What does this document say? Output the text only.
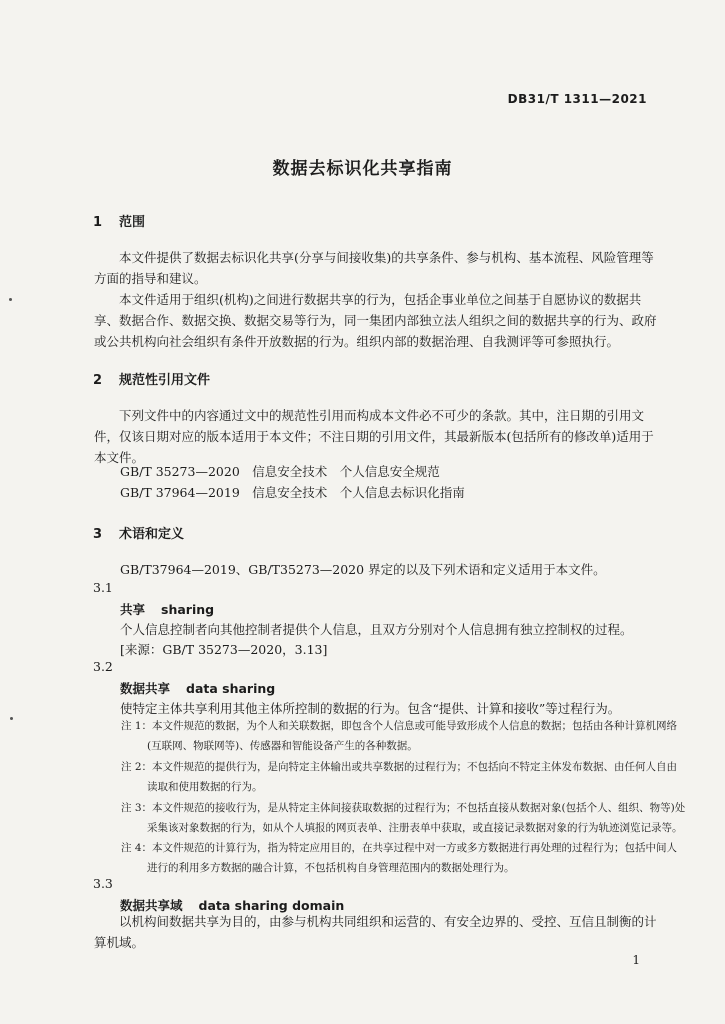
DB31/T 1311—2021
数据去标识化共享指南
1 范围
本文件提供了数据去标识化共享(分享与间接收集)的共享条件、参与机构、基本流程、风险管理等方面的指导和建议。
本文件适用于组织(机构)之间进行数据共享的行为，包括企事业单位之间基于自愿协议的数据共享、数据合作、数据交换、数据交易等行为，同一集团内部独立法人组织之间的数据共享的行为、政府或公共机构向社会组织有条件开放数据的行为。组织内部的数据治理、自我测评等可参照执行。
2 规范性引用文件
下列文件中的内容通过文中的规范性引用而构成本文件必不可少的条款。其中，注日期的引用文件，仅该日期对应的版本适用于本文件；不注日期的引用文件，其最新版本(包括所有的修改单)适用于本文件。
GB/T 35273—2020　信息安全技术　个人信息安全规范
GB/T 37964—2019　信息安全技术　个人信息去标识化指南
3 术语和定义
GB/T37964—2019、GB/T35273—2020 界定的以及下列术语和定义适用于本文件。
3.1
共享 sharing
个人信息控制者向其他控制者提供个人信息，且双方分别对个人信息拥有独立控制权的过程。
[来源：GB/T 35273—2020，3.13]
3.2
数据共享 data sharing
使特定主体共享利用其他主体所控制的数据的行为。包含“提供、计算和接收”等过程行为。
注 1：本文件规范的数据，为个人和关联数据，即包含个人信息或可能导致形成个人信息的数据；包括由各种计算机网络(互联网、物联网等)、传感器和智能设备产生的各种数据。
注 2：本文件规范的提供行为，是向特定主体输出或共享数据的过程行为；不包括向不特定主体发布数据、由任何人自由读取和使用数据的行为。
注 3：本文件规范的接收行为，是从特定主体间接获取数据的过程行为；不包括直接从数据对象(包括个人、组织、物等)处采集该对象数据的行为，如从个人填报的网页表单、注册表单中获取，或直接记录数据对象的行为轨迹浏览记录等。
注 4：本文件规范的计算行为，指为特定应用目的，在共享过程中对一方或多方数据进行再处理的过程行为；包括中间人进行的利用多方数据的融合计算，不包括机构自身管理范围内的数据处理行为。
3.3
数据共享域 data sharing domain
以机构间数据共享为目的，由参与机构共同组织和运营的、有安全边界的、受控、互信且制衡的计算机域。
1
